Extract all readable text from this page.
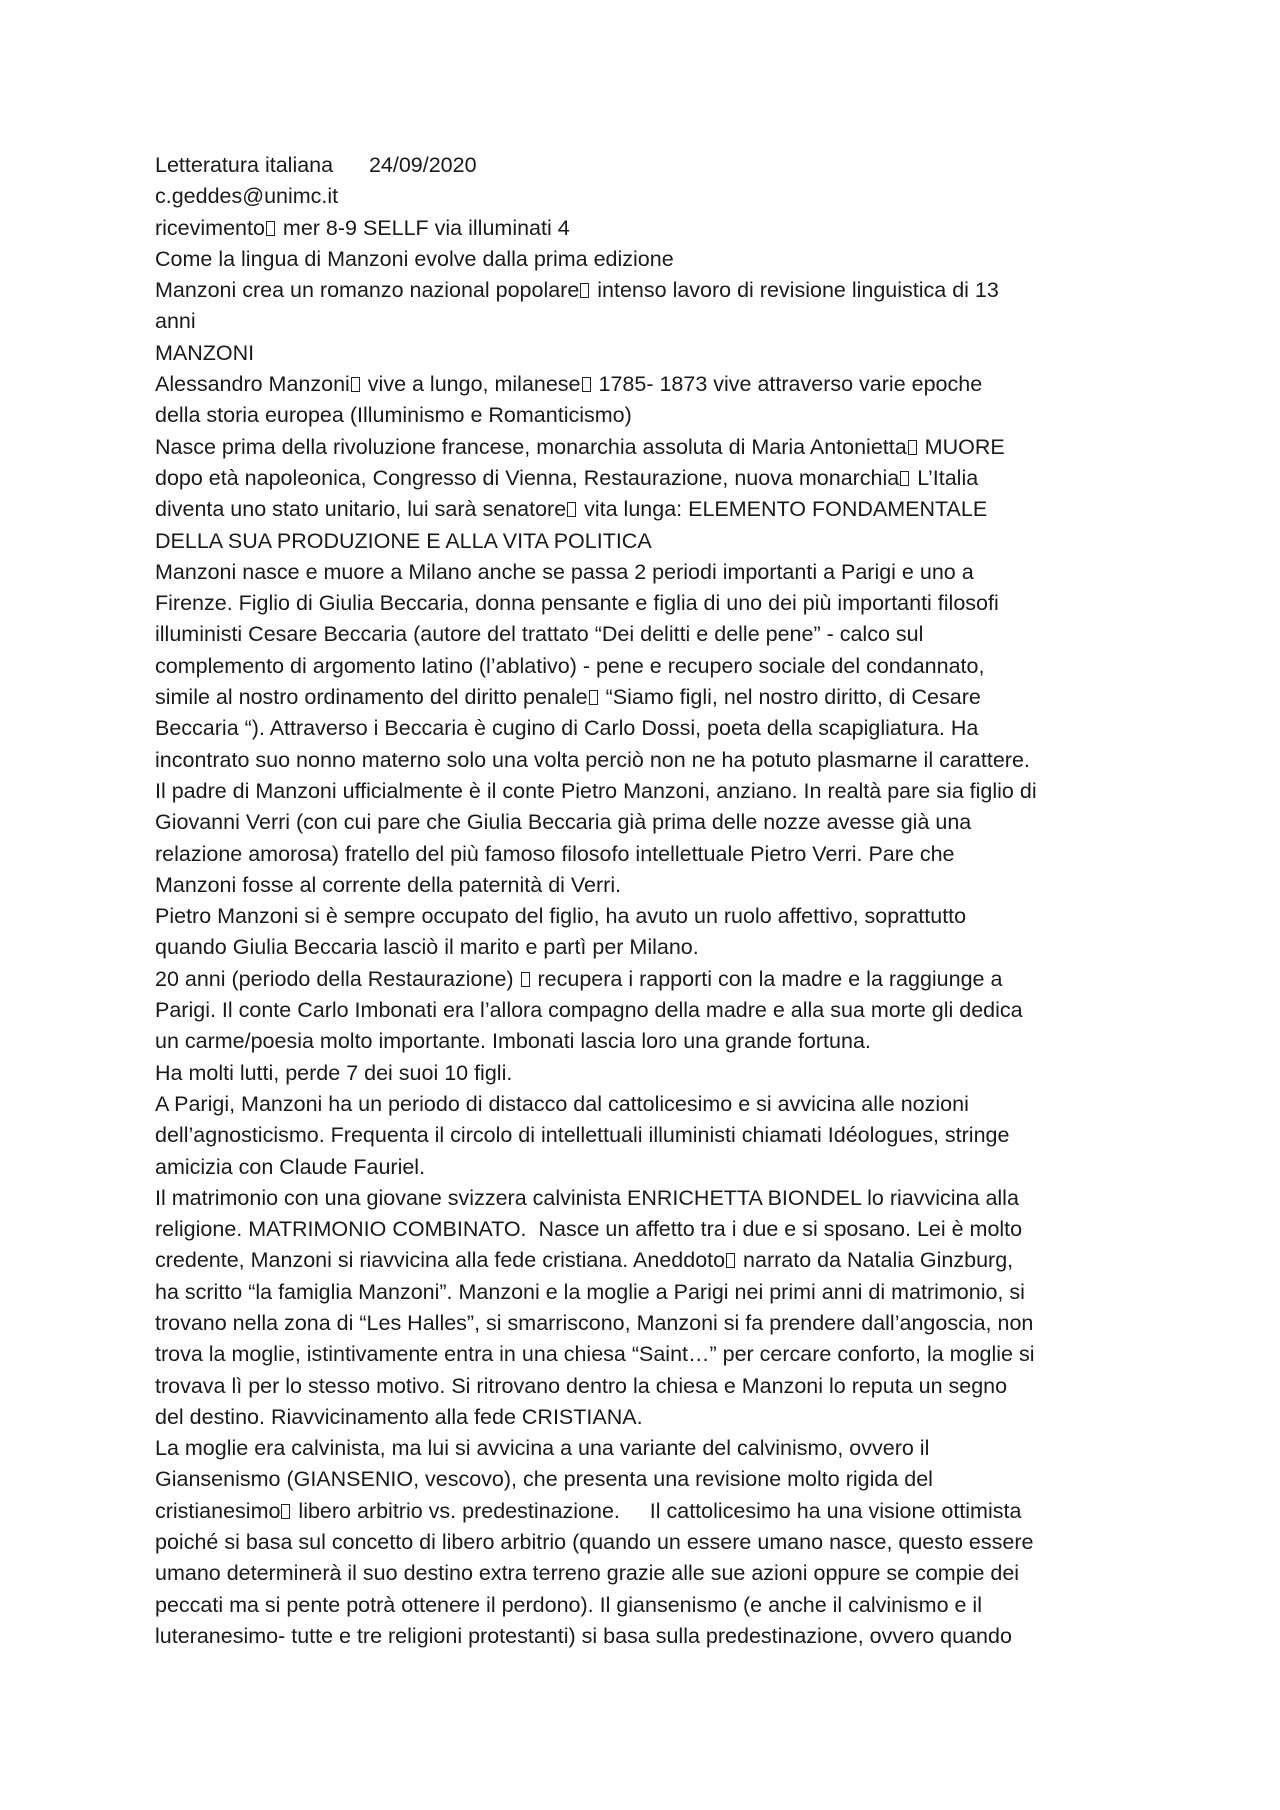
Letteratura italiana 24/09/2020
c.geddes@unimc.it
ricevimento mer 8-9 SELLF via illuminati 4
Come la lingua di Manzoni evolve dalla prima edizione
Manzoni crea un romanzo nazional popolare intenso lavoro di revisione linguistica di 13
anni
MANZONI
Alessandro Manzoni vive a lungo, milanese 1785- 1873 vive attraverso varie epoche
della storia europea (Illuminismo e Romanticismo)
Nasce prima della rivoluzione francese, monarchia assoluta di Maria Antonietta MUORE
dopo età napoleonica, Congresso di Vienna, Restaurazione, nuova monarchia L’Italia
diventa uno stato unitario, lui sarà senatore vita lunga: ELEMENTO FONDAMENTALE
DELLA SUA PRODUZIONE E ALLA VITA POLITICA
Manzoni nasce e muore a Milano anche se passa 2 periodi importanti a Parigi e uno a
Firenze. Figlio di Giulia Beccaria, donna pensante e figlia di uno dei più importanti filosofi
illuministi Cesare Beccaria (autore del trattato “Dei delitti e delle pene” - calco sul
complemento di argomento latino (l’ablativo) - pene e recupero sociale del condannato,
simile al nostro ordinamento del diritto penale “Siamo figli, nel nostro diritto, di Cesare
Beccaria “). Attraverso i Beccaria è cugino di Carlo Dossi, poeta della scapigliatura. Ha
incontrato suo nonno materno solo una volta perciò non ne ha potuto plasmarne il carattere.
Il padre di Manzoni ufficialmente è il conte Pietro Manzoni, anziano. In realtà pare sia figlio di
Giovanni Verri (con cui pare che Giulia Beccaria già prima delle nozze avesse già una
relazione amorosa) fratello del più famoso filosofo intellettuale Pietro Verri. Pare che
Manzoni fosse al corrente della paternità di Verri.
Pietro Manzoni si è sempre occupato del figlio, ha avuto un ruolo affettivo, soprattutto
quando Giulia Beccaria lasciò il marito e partì per Milano.
20 anni (periodo della Restaurazione)  recupera i rapporti con la madre e la raggiunge a
Parigi. Il conte Carlo Imbonati era l’allora compagno della madre e alla sua morte gli dedica
un carme/poesia molto importante. Imbonati lascia loro una grande fortuna.
Ha molti lutti, perde 7 dei suoi 10 figli.
A Parigi, Manzoni ha un periodo di distacco dal cattolicesimo e si avvicina alle nozioni
dell’agnosticismo. Frequenta il circolo di intellettuali illuministi chiamati Idéologues, stringe
amicizia con Claude Fauriel.
Il matrimonio con una giovane svizzera calvinista ENRICHETTA BIONDEL lo riavvicina alla
religione. MATRIMONIO COMBINATO.  Nasce un affetto tra i due e si sposano. Lei è molto
credente, Manzoni si riavvicina alla fede cristiana. Aneddoto narrato da Natalia Ginzburg,
ha scritto “la famiglia Manzoni”. Manzoni e la moglie a Parigi nei primi anni di matrimonio, si
trovano nella zona di “Les Halles”, si smarriscono, Manzoni si fa prendere dall’angoscia, non
trova la moglie, istintivamente entra in una chiesa “Saint…” per cercare conforto, la moglie si
trovava lì per lo stesso motivo. Si ritrovano dentro la chiesa e Manzoni lo reputa un segno
del destino. Riavvicinamento alla fede CRISTIANA.
La moglie era calvinista, ma lui si avvicina a una variante del calvinismo, ovvero il
Giansenismo (GIANSENIO, vescovo), che presenta una revisione molto rigida del
cristianesimo libero arbitrio vs. predestinazione.     Il cattolicesimo ha una visione ottimista
poiché si basa sul concetto di libero arbitrio (quando un essere umano nasce, questo essere
umano determinerà il suo destino extra terreno grazie alle sue azioni oppure se compie dei
peccati ma si pente potrà ottenere il perdono). Il giansenismo (e anche il calvinismo e il
luteranesimo- tutte e tre religioni protestanti) si basa sulla predestinazione, ovvero quando
